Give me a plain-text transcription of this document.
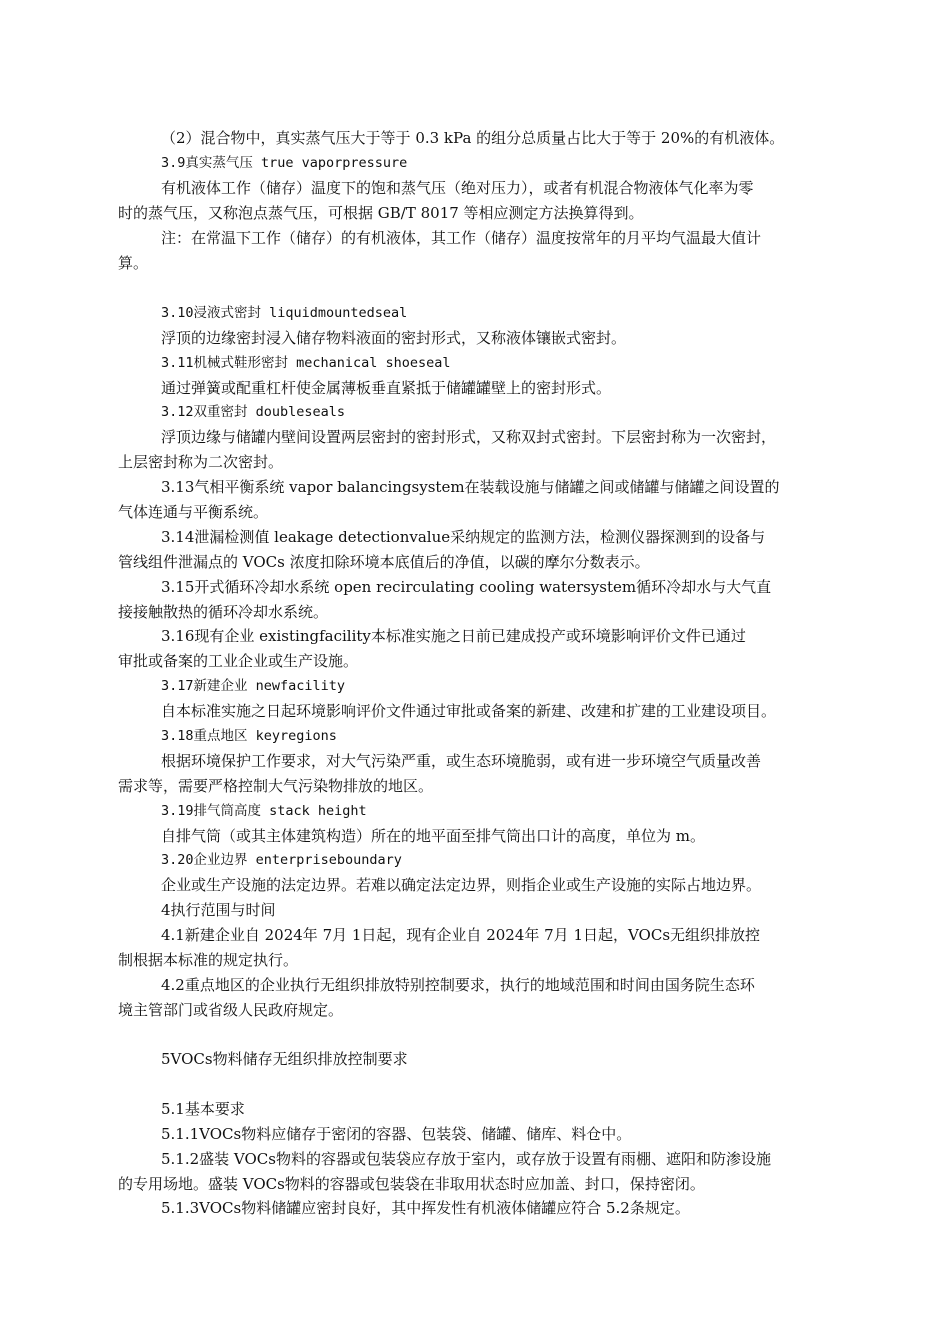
（2）混合物中，真实蒸气压大于等于 0.3 kPa 的组分总质量占比大于等于 20%的有机液体。
3.9真实蒸气压 true vaporpressure
有机液体工作（储存）温度下的饱和蒸气压（绝对压力），或者有机混合物液体气化率为零
时的蒸气压，又称泡点蒸气压，可根据 GB/T 8017 等相应测定方法换算得到。
注：在常温下工作（储存）的有机液体，其工作（储存）温度按常年的月平均气温最大值计
算。
3.10浸液式密封 liquidmountedseal
浮顶的边缘密封浸入储存物料液面的密封形式，又称液体镶嵌式密封。
3.11机械式鞋形密封 mechanical shoeseal
通过弹簧或配重杠杆使金属薄板垂直紧抵于储罐罐壁上的密封形式。
3.12双重密封 doubleseals
浮顶边缘与储罐内壁间设置两层密封的密封形式，又称双封式密封。下层密封称为一次密封，
上层密封称为二次密封。
3.13气相平衡系统 vapor balancingsystem在装载设施与储罐之间或储罐与储罐之间设置的
气体连通与平衡系统。
3.14泄漏检测值 leakage detectionvalue采纳规定的监测方法，检测仪器探测到的设备与
管线组件泄漏点的 VOCs 浓度扣除环境本底值后的净值，以碳的摩尔分数表示。
3.15开式循环冷却水系统 open recirculating cooling watersystem循环冷却水与大气直
接接触散热的循环冷却水系统。
3.16现有企业 existingfacility本标准实施之日前已建成投产或环境影响评价文件已通过
审批或备案的工业企业或生产设施。
3.17新建企业 newfacility
自本标准实施之日起环境影响评价文件通过审批或备案的新建、改建和扩建的工业建设项目。
3.18重点地区 keyregions
根据环境保护工作要求，对大气污染严重，或生态环境脆弱，或有进一步环境空气质量改善
需求等，需要严格控制大气污染物排放的地区。
3.19排气筒高度 stack height
自排气筒（或其主体建筑构造）所在的地平面至排气筒出口计的高度，单位为 m。
3.20企业边界 enterpriseboundary
企业或生产设施的法定边界。若难以确定法定边界，则指企业或生产设施的实际占地边界。
4执行范围与时间
4.1新建企业自 2024年 7月 1日起，现有企业自 2024年 7月 1日起，VOCs无组织排放控
制根据本标准的规定执行。
4.2重点地区的企业执行无组织排放特别控制要求，执行的地域范围和时间由国务院生态环
境主管部门或省级人民政府规定。
5VOCs物料储存无组织排放控制要求
5.1基本要求
5.1.1VOCs物料应储存于密闭的容器、包装袋、储罐、储库、料仓中。
5.1.2盛装 VOCs物料的容器或包装袋应存放于室内，或存放于设置有雨棚、遮阳和防渗设施
的专用场地。盛装 VOCs物料的容器或包装袋在非取用状态时应加盖、封口，保持密闭。
5.1.3VOCs物料储罐应密封良好，其中挥发性有机液体储罐应符合 5.2条规定。
